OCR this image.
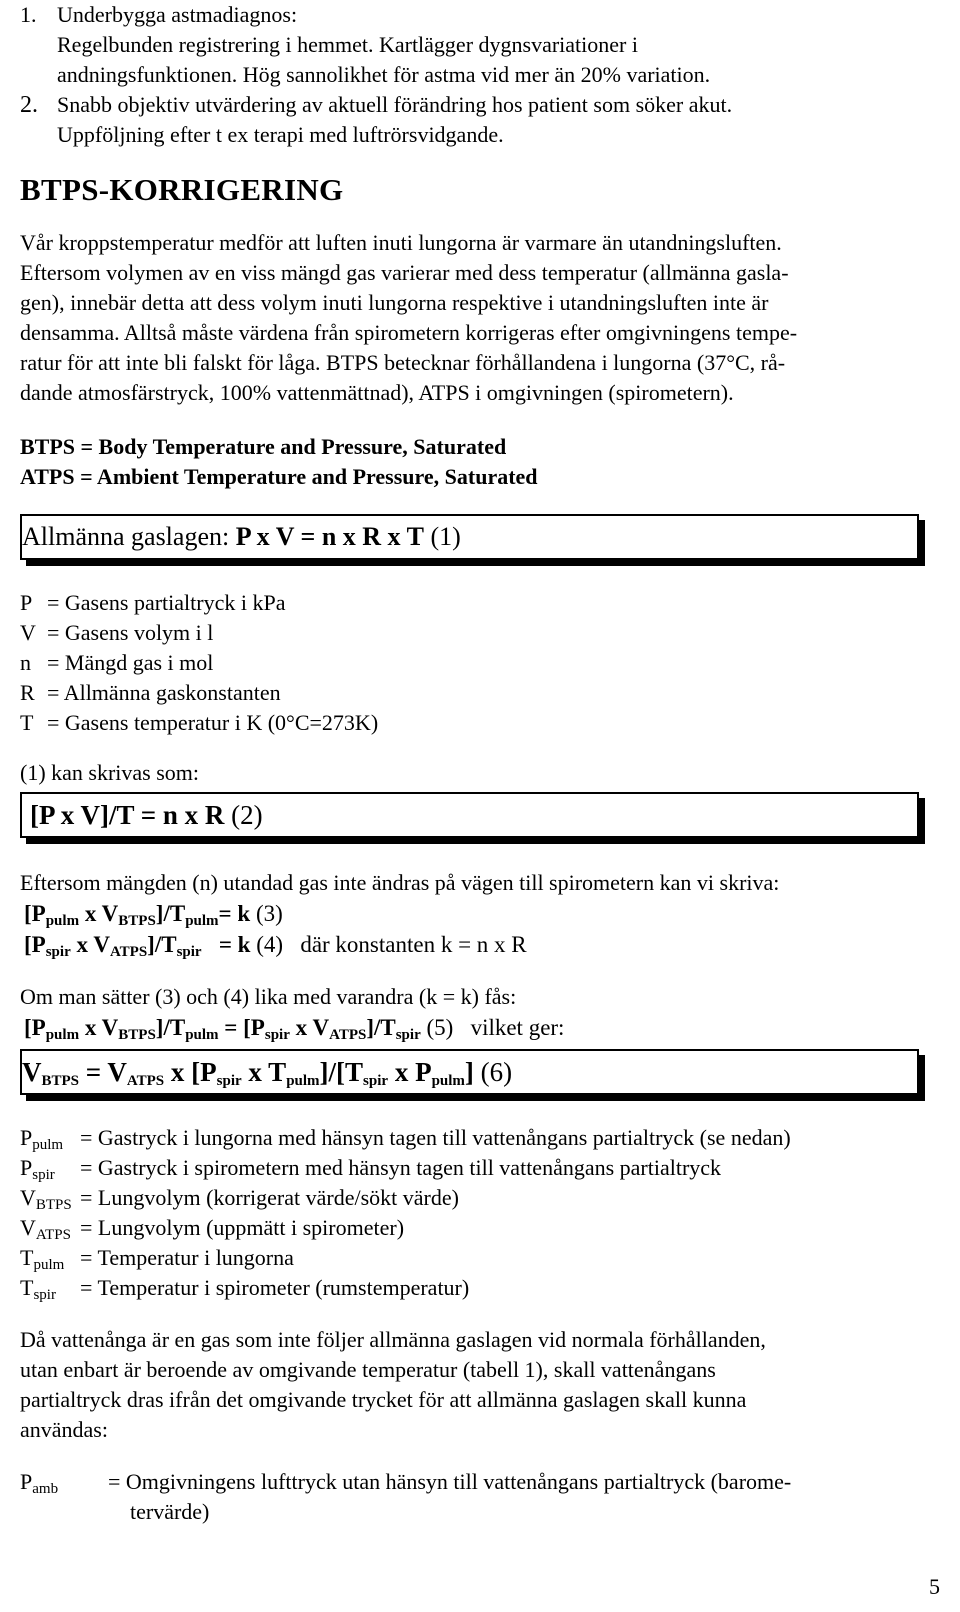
1. Underbygga astmadiagnos:
Regelbunden registrering i hemmet. Kartlägger dygnsvariationer i
andningsfunktionen. Hög sannolikhet för astma vid mer än 20% variation.
2. Snabb objektiv utvärdering av aktuell förändring hos patient som söker akut.
Uppföljning efter t ex terapi med luftrörsvidgande.
BTPS-KORRIGERING

Vår kroppstemperatur medför att luften inuti lungorna är varmare än utandningsluften.

Eftersom volymen av en viss mängd gas varierar med dess temperatur (allmänna gasla-

gen), innebär detta att dess volym inuti lungorna respektive i utandningsluften inte är

densamma. Alltså måste värdena från spirometern korrigeras efter omgivningens tempe-

ratur för att inte bli falskt för låga. BTPS betecknar förhållandena i lungorna (37°C, rå-

dande atmosfärstryck, 100% vattenmättnad), ATPS i omgivningen (spirometern).

BTPS = Body Temperature and Pressure, Saturated
ATPS = Ambient Temperature and Pressure, Saturated
Allmänna gaslagen: P x V = n x R x T (1)
P = Gasens partialtryck i kPa
V = Gasens volym i l
n = Mängd gas i mol
R = Allmänna gaskonstanten
T = Gasens temperatur i K (0°C=273K)
(1) kan skrivas som:
[P x V]/T = n x R (2)
Eftersom mängden (n) utandad gas inte ändras på vägen till spirometern kan vi skriva:
[$P_{pulm}$ x $V_{BTPS}]/T_{pulm}= k$ (3)
[$P_{spir}$ x $V_{ATPS}]/T_{spir} = k$ (4) där konstanten k = n x R
Om man sätter (3) och (4) lika med varandra (k = k) fås:
[$P_{pulm}$ x $V_{BTPS}]/T_{pulm} = [P_{spir}$ x $V_{ATPS}]/T_{spir}$ (5) vilket ger:
$V_{BTPS} = V_{ATPS}$ x [$P_{spir}$ x $T_{pulm}]/[T_{spir}$ x $P_{pulm}$] (6)
$P_{pulm}$ = Gastryck i lungorna med hänsyn tagen till vattenångans partialtryck (se nedan)
$P_{spir}$ = Gastryck i spirometern med hänsyn tagen till vattenångans partialtryck
$V_{BTPS}$ = Lungvolym (korrigerat värde/sökt värde)
$V_{ATPS}$ = Lungvolym (uppmätt i spirometer)
$T_{pulm}$ = Temperatur i lungorna
$T_{spir}$ = Temperatur i spirometer (rumstemperatur)
Då vattenånga är en gas som inte följer allmänna gaslagen vid normala förhållanden,
utan enbart är beroende av omgivande temperatur (tabell 1), skall vattenångans
partialtryck dras ifrån det omgivande trycket för att allmänna gaslagen skall kunna
användas:
$P_{amb}$	= Omgivningens lufttryck utan hänsyn till vattenångans partialtryck (barome-
tervärde)
5
